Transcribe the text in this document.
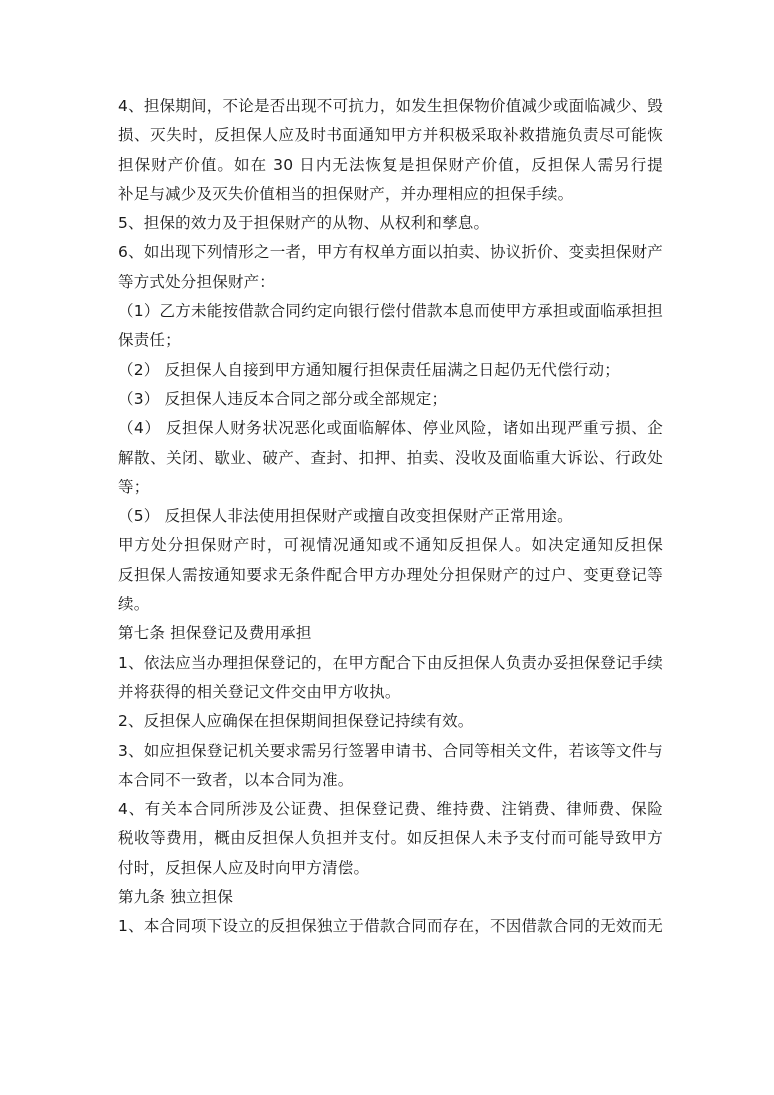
4、担保期间，不论是否出现不可抗力，如发生担保物价值减少或面临减少、毁
损、灭失时，反担保人应及时书面通知甲方并积极采取补救措施负责尽可能恢
担保财产价值。如在 30 日内无法恢复是担保财产价值，反担保人需另行提
补足与减少及灭失价值相当的担保财产，并办理相应的担保手续。
5、担保的效力及于担保财产的从物、从权利和孳息。
6、如出现下列情形之一者，甲方有权单方面以拍卖、协议折价、变卖担保财产
等方式处分担保财产：
（1）乙方未能按借款合同约定向银行偿付借款本息而使甲方承担或面临承担担
保责任；
（2） 反担保人自接到甲方通知履行担保责任届满之日起仍无代偿行动；
（3） 反担保人违反本合同之部分或全部规定；
（4） 反担保人财务状况恶化或面临解体、停业风险，诸如出现严重亏损、企
解散、关闭、歇业、破产、查封、扣押、拍卖、没收及面临重大诉讼、行政处
等；
（5） 反担保人非法使用担保财产或擅自改变担保财产正常用途。
甲方处分担保财产时，可视情况通知或不通知反担保人。如决定通知反担保
反担保人需按通知要求无条件配合甲方办理处分担保财产的过户、变更登记等
续。
第七条 担保登记及费用承担
1、依法应当办理担保登记的，在甲方配合下由反担保人负责办妥担保登记手续
并将获得的相关登记文件交由甲方收执。
2、反担保人应确保在担保期间担保登记持续有效。
3、如应担保登记机关要求需另行签署申请书、合同等相关文件，若该等文件与
本合同不一致者，以本合同为准。
4、有关本合同所涉及公证费、担保登记费、维持费、注销费、律师费、保险
税收等费用，概由反担保人负担并支付。如反担保人未予支付而可能导致甲方
付时，反担保人应及时向甲方清偿。
第九条 独立担保
1、本合同项下设立的反担保独立于借款合同而存在，不因借款合同的无效而无
